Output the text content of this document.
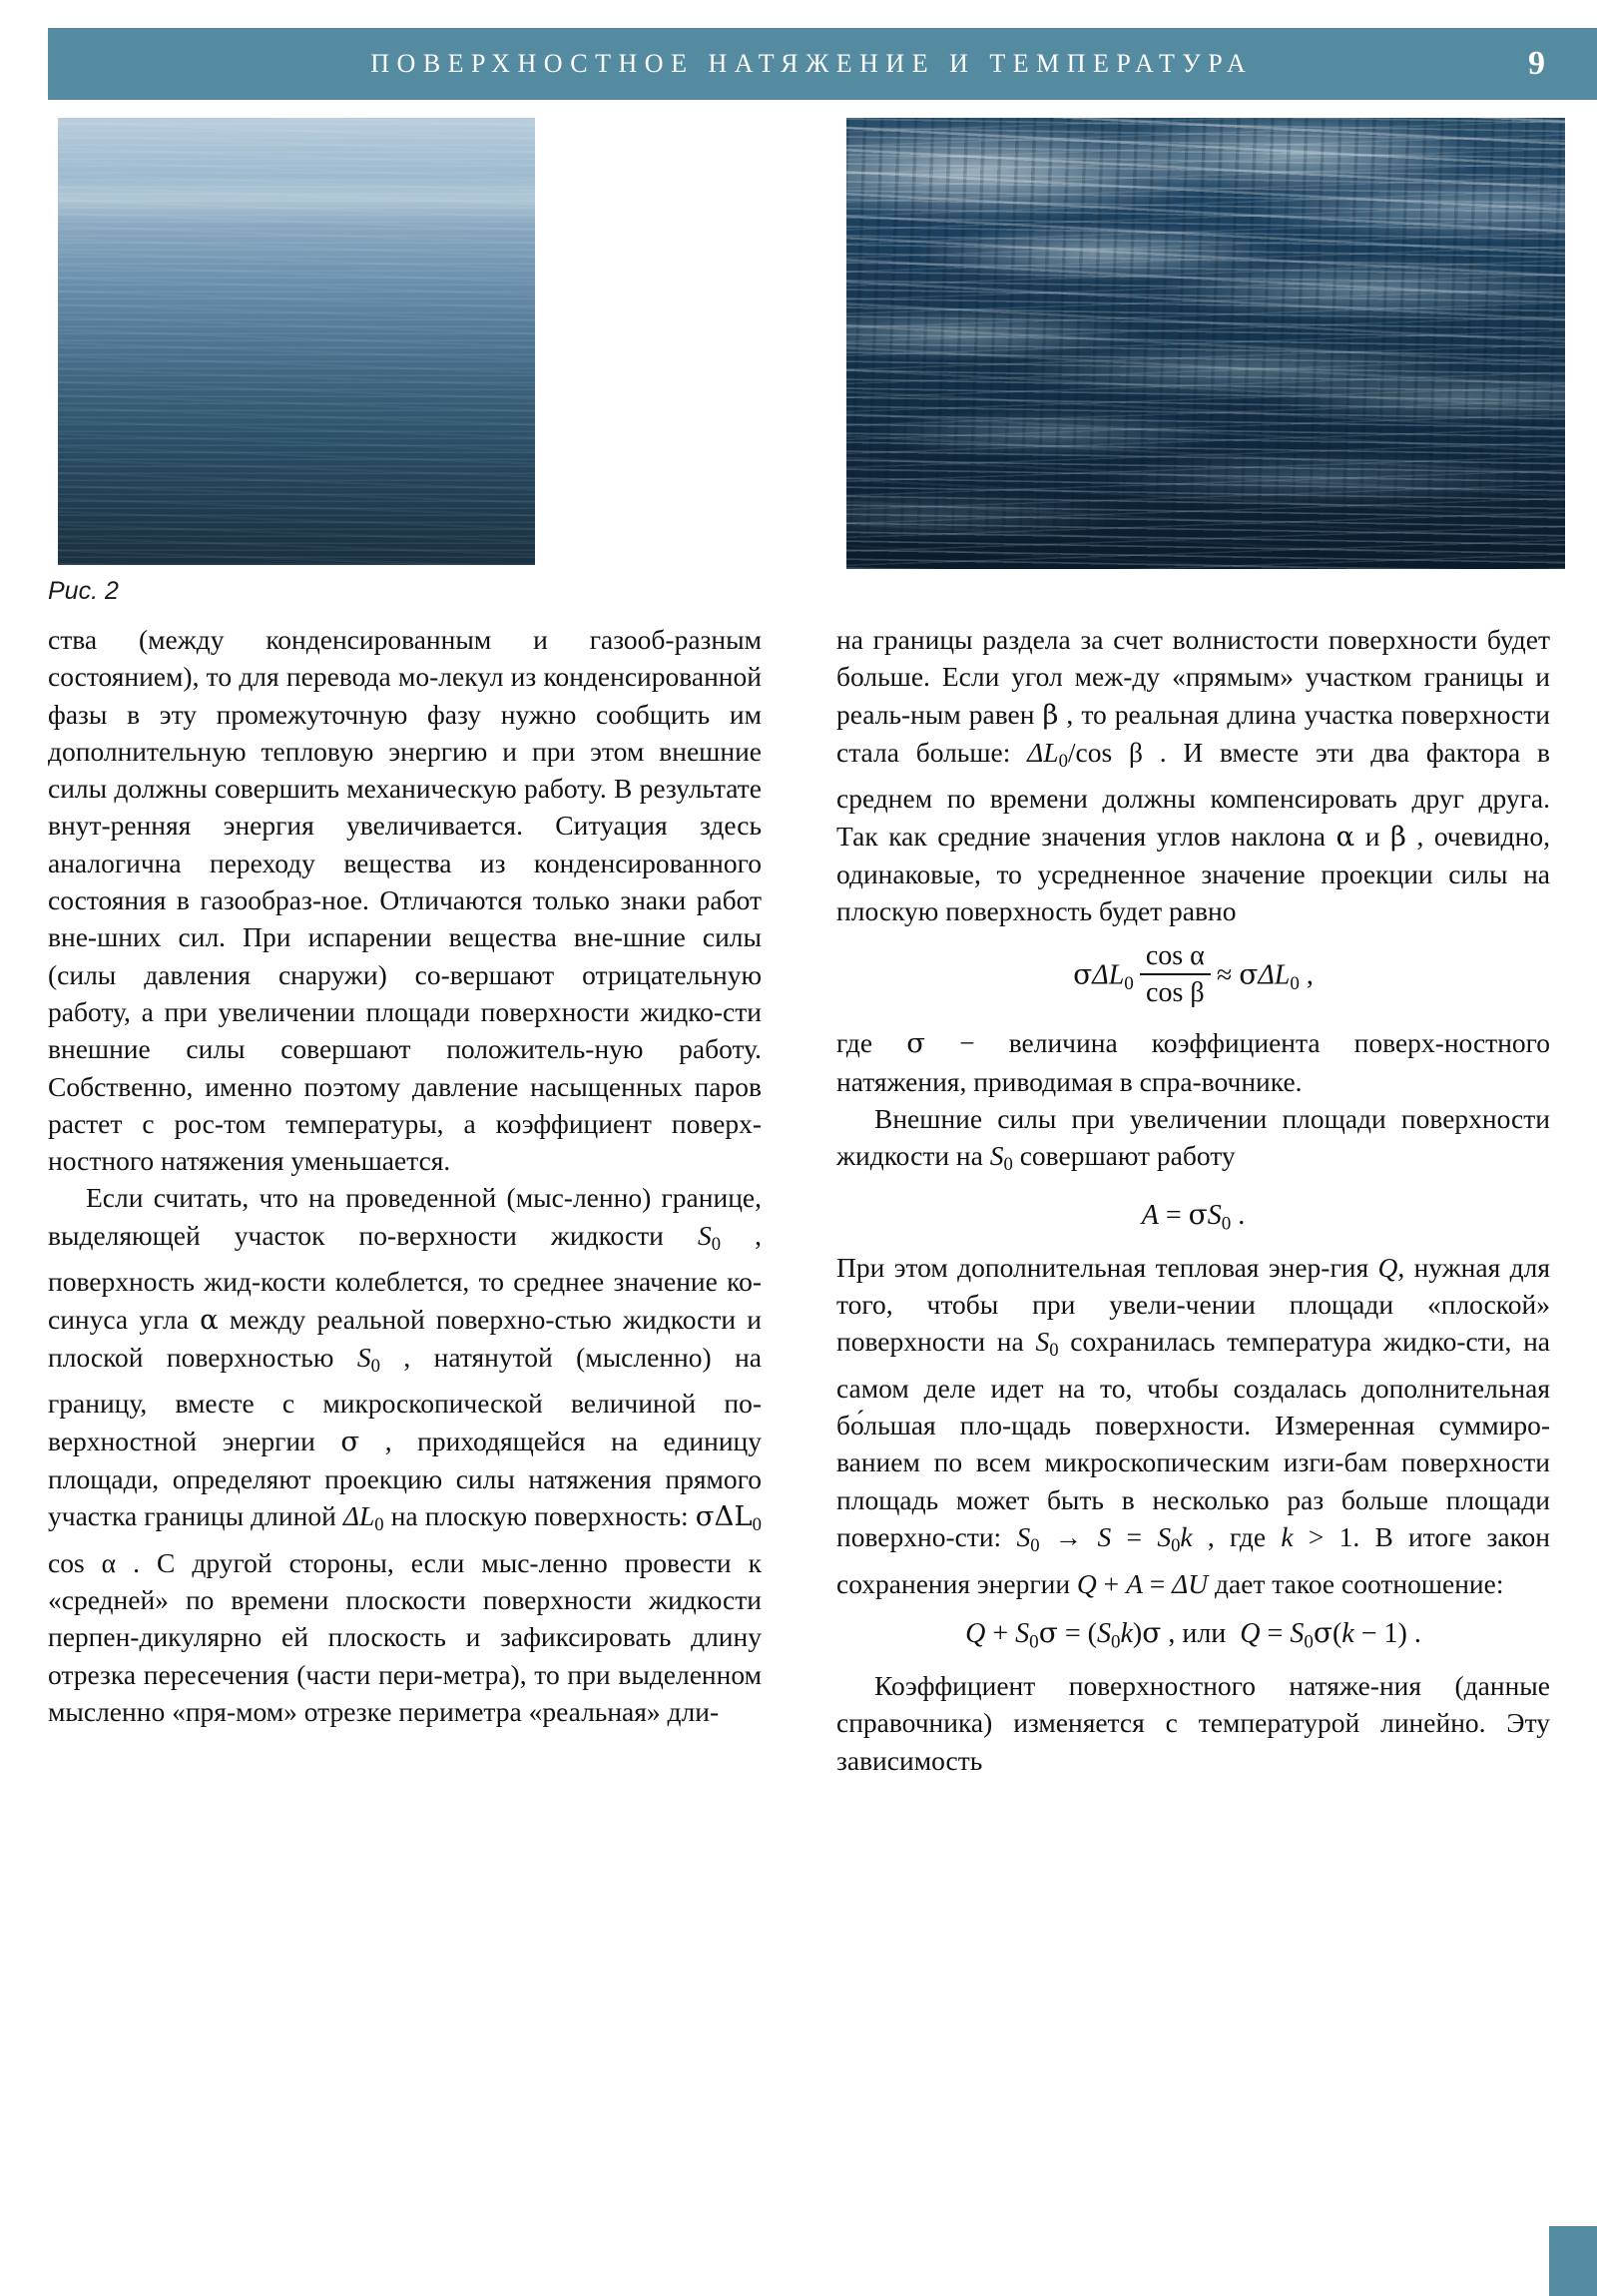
ПОВЕРХНОСТНОЕ НАТЯЖЕНИЕ И ТЕМПЕРАТУРА	9
Рис. 2

ства (между конденсированным и газооб-разным состоянием), то для перевода мо-лекул из конденсированной фазы в эту промежуточную фазу нужно сообщить им дополнительную тепловую энергию и при этом внешние силы должны совершить механическую работу. В результате внут-ренняя энергия увеличивается. Ситуация здесь аналогична переходу вещества из конденсированного состояния в газообраз-ное. Отличаются только знаки работ вне-шних сил. При испарении вещества вне-шние силы (силы давления снаружи) со-вершают отрицательную работу, а при увеличении площади поверхности жидко-сти внешние силы совершают положитель-ную работу. Собственно, именно поэтому давление насыщенных паров растет с рос-том температуры, а коэффициент поверх-ностного натяжения уменьшается.

Если считать, что на проведенной (мыс-ленно) границе, выделяющей участок по-верхности жидкости S0 , поверхность жид-кости колеблется, то среднее значение ко-синуса угла α между реальной поверхно-стью жидкости и плоской поверхностью S0 , натянутой (мысленно) на границу, вместе с микроскопической величиной по-верхностной энергии σ , приходящейся на единицу площади, определяют проекцию силы натяжения прямого участка границы длиной ΔL0 на плоскую поверхность: σΔL0 cos α . С другой стороны, если мыс-ленно провести к «средней» по времени плоскости поверхности жидкости перпен-дикулярно ей плоскость и зафиксировать длину отрезка пересечения (части пери-метра), то при выделенном мысленно «пря-мом» отрезке периметра «реальная» дли-

на границы раздела за счет волнистости поверхности будет больше. Если угол меж-ду «прямым» участком границы и реаль-ным равен β , то реальная длина участка поверхности стала больше: ΔL0/cos β . И вместе эти два фактора в среднем по времени должны компенсировать друг друга. Так как средние значения углов наклона α и β , очевидно, одинаковые, то усредненное значение проекции силы на плоскую поверхность будет равно

$\sigma\Delta L0 \frac{\text{cos α}}{\text{cos β}} \approx \sigma\Delta L0$ ,

где σ − величина коэффициента поверх-ностного натяжения, приводимая в спра-вочнике.

Внешние силы при увеличении площади поверхности жидкости на S0 совершают работу

A = σS0 .

При этом дополнительная тепловая энер-гия Q, нужная для того, чтобы при увели-чении площади «плоской» поверхности на S0 сохранилась температура жидко-сти, на самом деле идет на то, чтобы создалась дополнительная бо́льшая пло-щадь поверхности. Измеренная суммиро-ванием по всем микроскопическим изги-бам поверхности площадь может быть в несколько раз больше площади поверхно-сти: S0 → S = S0k , где k > 1. В итоге закон сохранения энергии Q + A = ΔU дает такое соотношение:

Q + S0σ = (S0k)σ , или Q = S0σ(k − 1) .

Коэффициент поверхностного натяже-ния (данные справочника) изменяется с температурой линейно. Эту зависимость
